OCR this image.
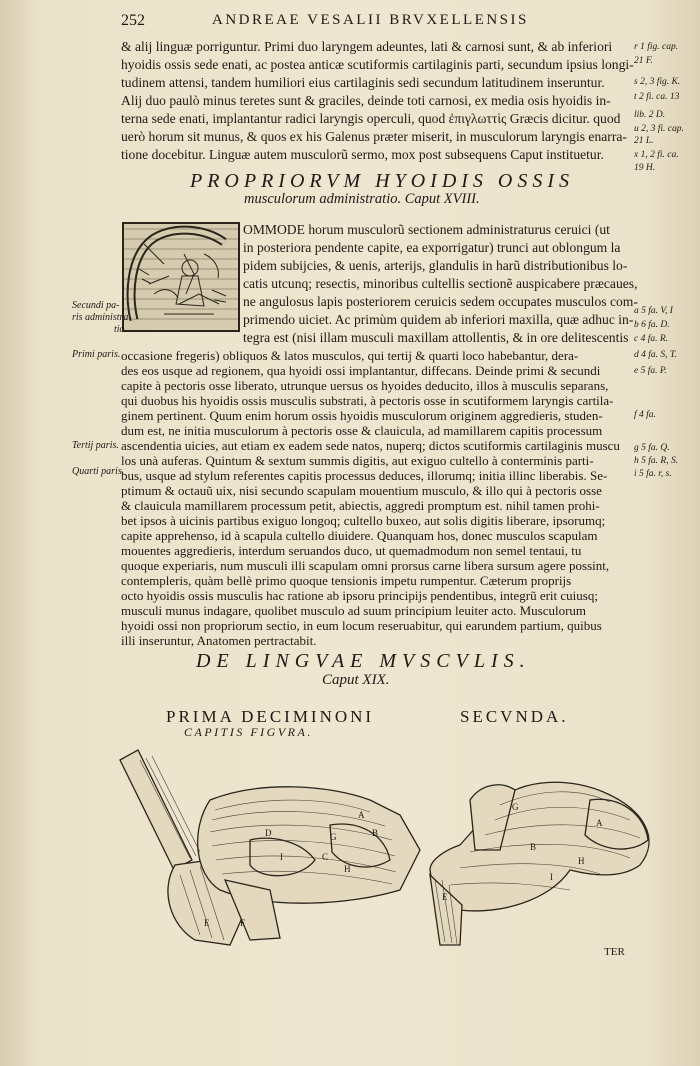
252	ANDREAE VESALII BRVXELLENSIS
& alij linguæ porriguntur. Primi duo laryngem adeuntes, lati & carnosi sunt, & ab inferiori
hyoidis ossis sede enati, ac postea anticæ scutiformis cartilaginis parti, secundum ipsius longi-
tudinem attensi, tandem humiliori eius cartilaginis sedi secundum latitudinem inseruntur.
Alij duo paulò minus teretes sunt & graciles, deinde toti carnosi, ex media osis hyoidis in-
terna sede enati, implantantur radici laryngis operculi, quod ἐπιγλωττὶς Græcis dicitur. quod
uerò horum sit munus, & quos ex his Galenus præter miserit, in musculorum laryngis enarra-
tione docebitur. Linguæ autem musculorũ sermo, mox post subsequens Caput instituetur.
r 1 fig. cap.
21 F.
s 2, 3 fig. K.
t 2 fi. ca. 13
lib. 2 D.
u 2, 3 fi. cap.
21 L.
x 1, 2 fi. ca.
19 H.
PROPRIORVM HYOIDIS OSSIS
musculorum administratio. Caput XVIII.
OMMODE horum musculorũ sectionem administraturus ceruici (ut
in posteriora pendente capite, ea exporrigatur) trunci aut oblongum la
pidem subijcies, & uenis, arterijs, glandulis in harũ distributionibus lo-
catis utcunq; resectis, minoribus cultellis sectionẽ auspicabere præcaues,
ne angulosus lapis posteriorem ceruicis sedem occupates musculos com-
primendo uiciet. Ac primùm quidem ab inferiori maxilla, quæ adhuc in-
tegra est (nisi illam musculi maxillam attollentis, & in ore delitescentis
occasione fregeris) obliquos & latos musculos, qui tertij & quarti loco habebantur, dera-
des eos usque ad regionem, qua hyoidi ossi implantantur, diffecans. Deinde primi & secundi
capite à pectoris osse liberato, utrunque uersus os hyoides deducito, illos à musculis separans,
qui duobus his hyoidis ossis musculis substrati, à pectoris osse in scutiformem laryngis cartila-
ginem pertinent. Quum enim horum ossis hyoidis musculorum originem aggredieris, studen-
dum est, ne initia musculorum à pectoris osse & clauicula, ad mamillarem capitis processum
ascendentia uicies, aut etiam ex eadem sede natos, nuperq; dictos scutiformis cartilaginis muscu
los unà auferas. Quintum & sextum summis digitis, aut exiguo cultello à conterminis parti-
bus, usque ad stylum referentes capitis processus deduces, illorumq; initia illinc liberabis. Se-
ptimum & octauũ uix, nisi secundo scapulam mouentium musculo, & illo qui à pectoris osse
& clauicula mamillarem processum petit, abiectis, aggredi promptum est. nihil tamen prohi-
bet ipsos à uicinis partibus exiguo longoq; cultello buxeo, aut solis digitis liberare, ipsorumq;
capite apprehenso, id à scapula cultello diuidere. Quanquam hos, donec musculos scapulam
mouentes aggredieris, interdum seruandos duco, ut quemadmodum non semel tentaui, tu
quoque experiaris, num musculi illi scapulam omni prorsus carne libera sursum agere possint,
contempleris, quàm bellè primo quoque tensionis impetu rumpentur. Cæterum proprijs
octo hyoidis ossis musculis hac ratione ab ipsoru principijs pendentibus, integrũ erit cuiusq;
Secundi pa-
ris administra
tio.
Primi paris.
Tertij paris.
Quarti paris.
a 5 fa. V, I
b 6 fa. D.
c 4 fa. R.
d 4 fa. S, T.
e 5 fa. P.
f 4 fa.
g 5 fa. Q.
h 5 fa. R, S.
i 5 fa. r, s.
DE LINGVAE MVSCVLIS.
Caput XIX.
PRIMA DECIMINONI	SECVNDA.
CAPITIS FIGVRA.
A
B
C
D
E	F
G
H
I
A
B
E
G
H
I
TER
musculi munus indagare, quolibet musculo ad suum principium leuiter acto. Musculorum
hyoidi ossi non propriorum sectio, in eum locum reseruabitur, qui earundem partium, quibus
illi inseruntur, Anatomen pertractabit.
